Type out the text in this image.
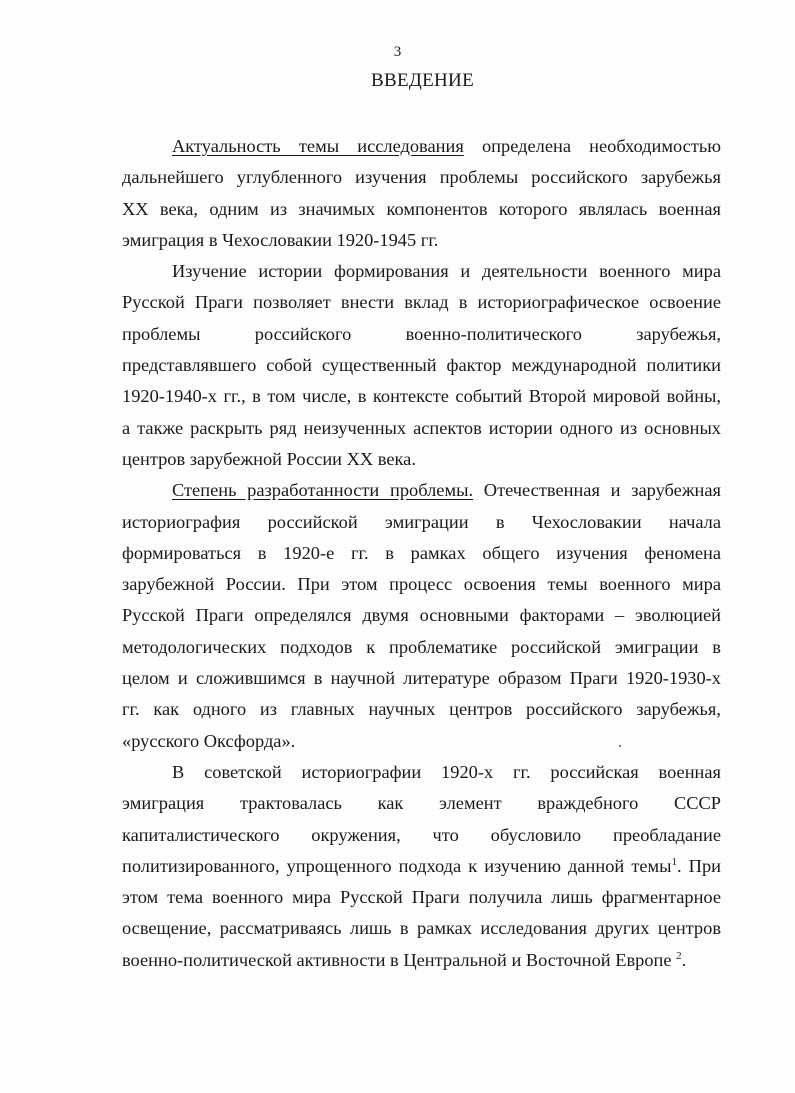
3
ВВЕДЕНИЕ
Актуальность темы исследования определена необходимостью
дальнейшего углубленного изучения проблемы российского зарубежья
XX века, одним из значимых компонентов которого являлась военная
эмиграция в Чехословакии 1920-1945 гг.
Изучение истории формирования и деятельности военного мира
Русской Праги позволяет внести вклад в историографическое освоение
проблемы российского военно-политического зарубежья,
представлявшего собой существенный фактор международной политики
1920-1940-х гг., в том числе, в контексте событий Второй мировой войны,
а также раскрыть ряд неизученных аспектов истории одного из основных
центров зарубежной России XX века.
Степень разработанности проблемы. Отечественная и зарубежная
историография российской эмиграции в Чехословакии начала
формироваться в 1920-е гг. в рамках общего изучения феномена
зарубежной России. При этом процесс освоения темы военного мира
Русской Праги определялся двумя основными факторами – эволюцией
методологических подходов к проблематике российской эмиграции в
целом и сложившимся в научной литературе образом Праги 1920-1930-х
гг. как одного из главных научных центров российского зарубежья,
«русского Оксфорда».
В советской историографии 1920-х гг. российская военная
эмиграция трактовалась как элемент враждебного СССР
капиталистического окружения, что обусловило преобладание
политизированного, упрощенного подхода к изучению данной темы$^1$. При
этом тема военного мира Русской Праги получила лишь фрагментарное
освещение, рассматриваясь лишь в рамках исследования других центров
военно-политической активности в Центральной и Восточной Европе $^2$.
